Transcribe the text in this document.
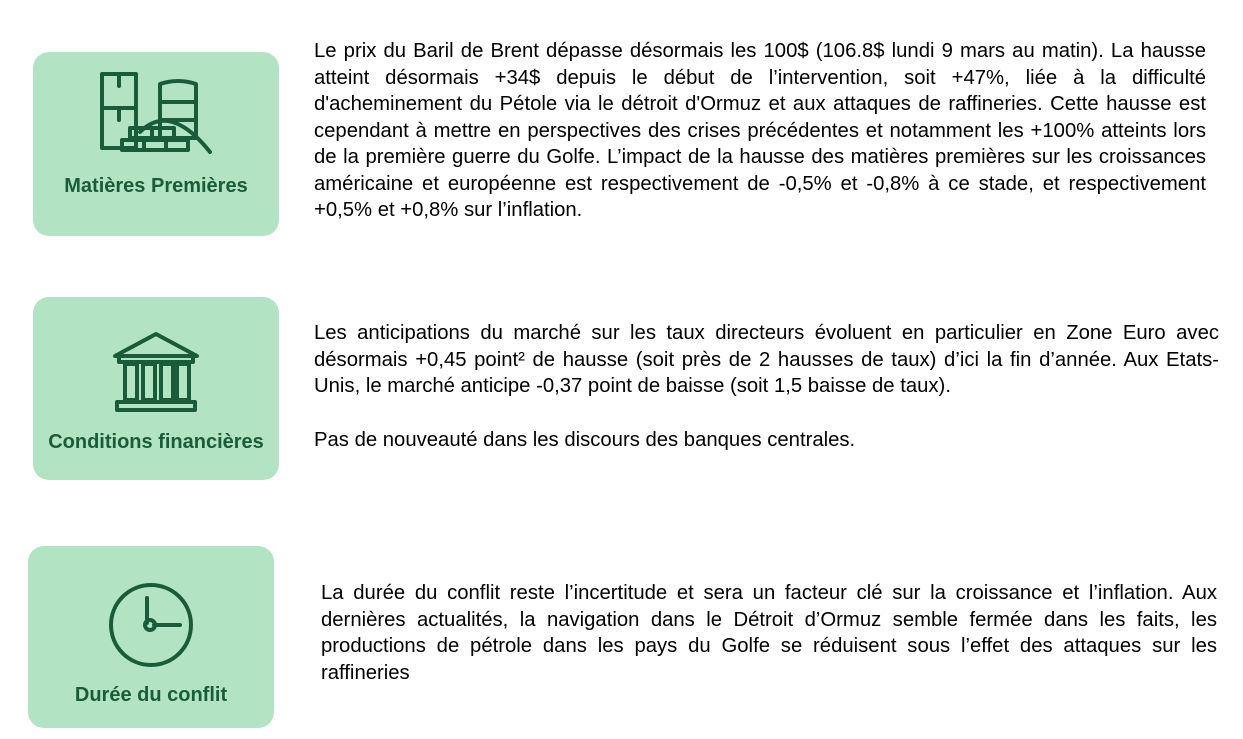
Matières Premières

Le prix du Baril de Brent dépasse désormais les 100$ (106.8$ lundi 9 mars au matin). La hausse atteint désormais +34$ depuis le début de l’intervention, soit +47%, liée à la difficulté d'acheminement du Pétole via le détroit d'Ormuz et aux attaques de raffineries. Cette hausse est cependant à mettre en perspectives des crises précédentes et notamment les +100% atteints lors de la première guerre du Golfe. L’impact de la hausse des matières premières sur les croissances américaine et européenne est respectivement de -0,5% et -0,8% à ce stade, et respectivement +0,5% et +0,8% sur l’inflation.

Conditions financières

Les anticipations du marché sur les taux directeurs évoluent en particulier en Zone Euro avec désormais +0,45 point² de hausse (soit près de 2 hausses de taux) d’ici la fin d’année. Aux Etats-Unis, le marché anticipe -0,37 point de baisse (soit 1,5 baisse de taux).

Pas de nouveauté dans les discours des banques centrales.

Durée du conflit

La durée du conflit reste l’incertitude et sera un facteur clé sur la croissance et l’inflation. Aux dernières actualités, la navigation dans le Détroit d’Ormuz semble fermée dans les faits, les productions de pétrole dans les pays du Golfe se réduisent sous l’effet des attaques sur les raffineries
